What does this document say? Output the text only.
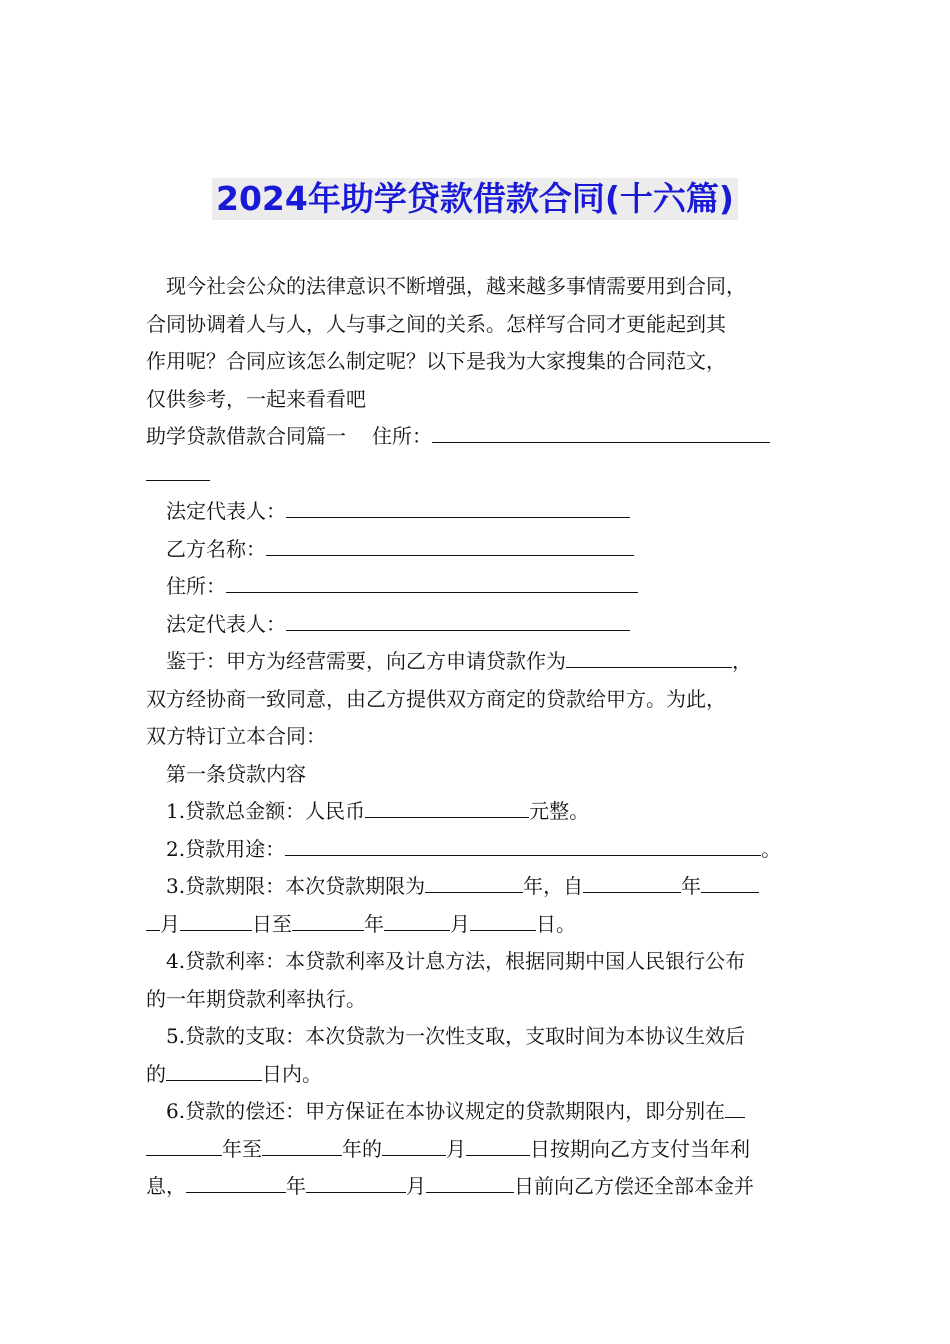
2024年助学贷款借款合同(十六篇)
现今社会公众的法律意识不断增强，越来越多事情需要用到合同，
合同协调着人与人，人与事之间的关系。怎样写合同才更能起到其
作用呢？合同应该怎么制定呢？以下是我为大家搜集的合同范文，
仅供参考，一起来看看吧
助学贷款借款合同篇一 住所：
法定代表人：
乙方名称：
住所：
法定代表人：
鉴于：甲方为经营需要，向乙方申请贷款作为	，
双方经协商一致同意，由乙方提供双方商定的贷款给甲方。为此，
双方特订立本合同：
第一条贷款内容
1.贷款总金额：人民币	元整。
2.贷款用途：	。
3.贷款期限：本次贷款期限为	年，自	年
月	日至	年	月	日。
4.贷款利率：本贷款利率及计息方法，根据同期中国人民银行公布
的一年期贷款利率执行。
5.贷款的支取：本次贷款为一次性支取，支取时间为本协议生效后
的	日内。
6.贷款的偿还：甲方保证在本协议规定的贷款期限内，即分别在
年至	年的	月	日按期向乙方支付当年利
息，	年	月	日前向乙方偿还全部本金并
